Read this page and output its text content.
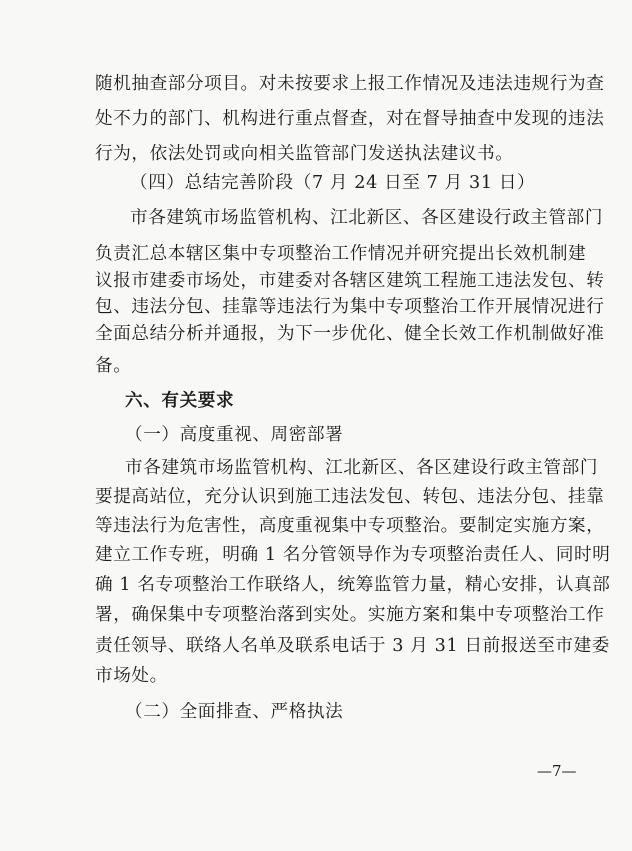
随机抽查部分项目。对未按要求上报工作情况及违法违规行为查
处不力的部门、机构进行重点督查，对在督导抽查中发现的违法
行为，依法处罚或向相关监管部门发送执法建议书。
（四）总结完善阶段（7 月 24 日至 7 月 31 日）
市各建筑市场监管机构、江北新区、各区建设行政主管部门
负责汇总本辖区集中专项整治工作情况并研究提出长效机制建
议报市建委市场处，市建委对各辖区建筑工程施工违法发包、转
包、违法分包、挂靠等违法行为集中专项整治工作开展情况进行
全面总结分析并通报，为下一步优化、健全长效工作机制做好准
备。
六、有关要求
（一）高度重视、周密部署
市各建筑市场监管机构、江北新区、各区建设行政主管部门
要提高站位，充分认识到施工违法发包、转包、违法分包、挂靠
等违法行为危害性，高度重视集中专项整治。要制定实施方案，
建立工作专班，明确 1 名分管领导作为专项整治责任人、同时明
确 1 名专项整治工作联络人，统筹监管力量，精心安排，认真部
署，确保集中专项整治落到实处。实施方案和集中专项整治工作
责任领导、联络人名单及联系电话于 3 月 31 日前报送至市建委
市场处。
（二）全面排查、严格执法
—7—
